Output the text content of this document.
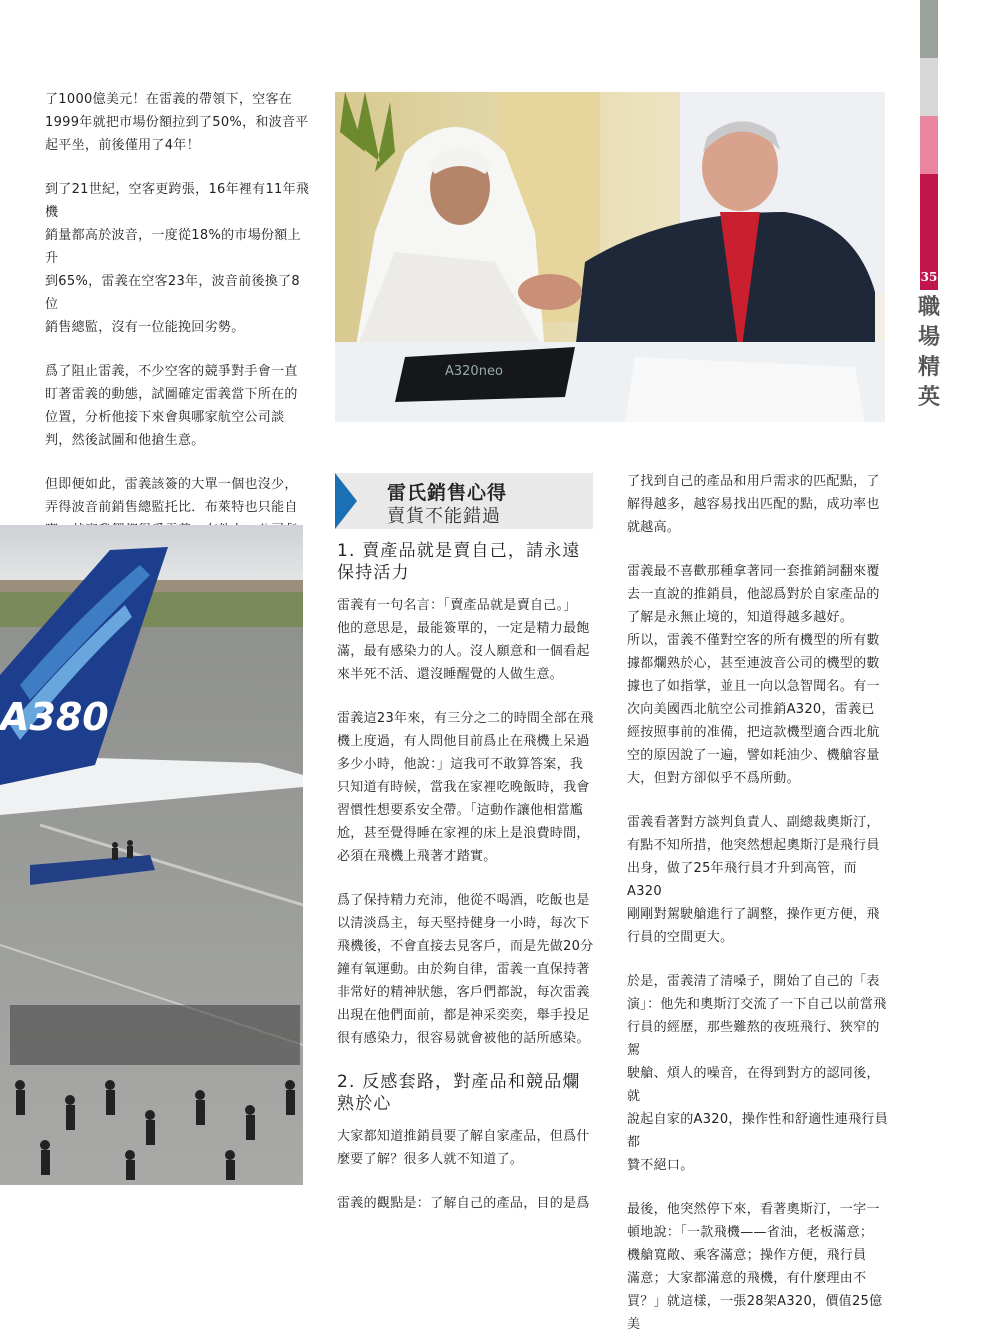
35
職
場
精
英

了1000億美元！在雷義的帶領下，空客在
1999年就把市場份額拉到了50%，和波音平
起平坐，前後僅用了4年！

到了21世紀，空客更跨張，16年裡有11年飛機
銷量都高於波音，一度從18%的市場份額上升
到65%，雷義在空客23年，波音前後換了8位
銷售總監，沒有一位能挽回劣勢。

爲了阻止雷義，不少空客的競爭對手會一直
盯著雷義的動態，試圖確定雷義當下所在的
位置，分析他接下來會與哪家航空公司談
判，然後試圖和他搶生意。

但即便如此，雷義該簽的大單一個也沒少，
弄得波音前銷售總監托比．布萊特也只能自

A320neo
A380
雷氏銷售心得
賣貨不能錯過
1. 賣產品就是賣自己，請永遠
保持活力

雷義有一句名言：「賣產品就是賣自己。」
他的意思是，最能簽單的，一定是精力最飽
滿，最有感染力的人。沒人願意和一個看起
來半死不活、還沒睡醒覺的人做生意。

雷義這23年來，有三分之二的時間全部在飛
機上度過，有人問他目前爲止在飛機上呆過
多少小時，他說：」這我可不敢算答案，我
只知道有時候，當我在家裡吃晚飯時，我會
習慣性想要系安全帶。「這動作讓他相當尷
尬，甚至覺得睡在家裡的床上是浪費時間，
必須在飛機上飛著才踏實。

爲了保持精力充沛，他從不喝酒，吃飯也是
以清淡爲主，每天堅持健身一小時，每次下
飛機後，不會直接去見客戶，而是先做20分
鐘有氧運動。由於夠自律，雷義一直保持著
非常好的精神狀態，客戶們都說，每次雷義
出現在他們面前，都是神采奕奕，舉手投足
很有感染力，很容易就會被他的話所感染。

2. 反感套路，對產品和競品爛
熟於心

大家都知道推銷員要了解自家產品，但爲什
麼要了解？很多人就不知道了。

雷義的觀點是：了解自己的產品，目的是爲

了找到自己的產品和用戶需求的匹配點，了
解得越多，越容易找出匹配的點，成功率也
就越高。

雷義最不喜歡那種拿著同一套推銷詞翻來覆
去一直說的推銷員，他認爲對於自家產品的
了解是永無止境的，知道得越多越好。
所以，雷義不僅對空客的所有機型的所有數
據都爛熟於心，甚至連波音公司的機型的數
據也了如指掌，並且一向以急智聞名。有一
次向美國西北航空公司推銷A320，雷義已
經按照事前的准備，把這款機型適合西北航
空的原因說了一遍，譬如耗油少、機艙容量
大，但對方卻似乎不爲所動。

雷義看著對方談判負責人、副總裁奧斯汀，
有點不知所措，他突然想起奧斯汀是飛行員
出身，做了25年飛行員才升到高管，而A320
剛剛對駕駛艙進行了調整，操作更方便，飛
行員的空間更大。

於是，雷義清了清嗓子，開始了自己的「表
演」：他先和奧斯汀交流了一下自己以前當飛
行員的經歷，那些難熬的夜班飛行、狹窄的駕
駛艙、煩人的噪音，在得到對方的認同後，就
說起自家的A320，操作性和舒適性連飛行員都
贊不絕口。

最後，他突然停下來，看著奧斯汀，一字一
頓地說：「一款飛機——省油，老板滿意；
機艙寬敞、乘客滿意；操作方便，飛行員
滿意；大家都滿意的飛機，有什麼理由不
買？」就這樣，一張28架A320，價值25億美
